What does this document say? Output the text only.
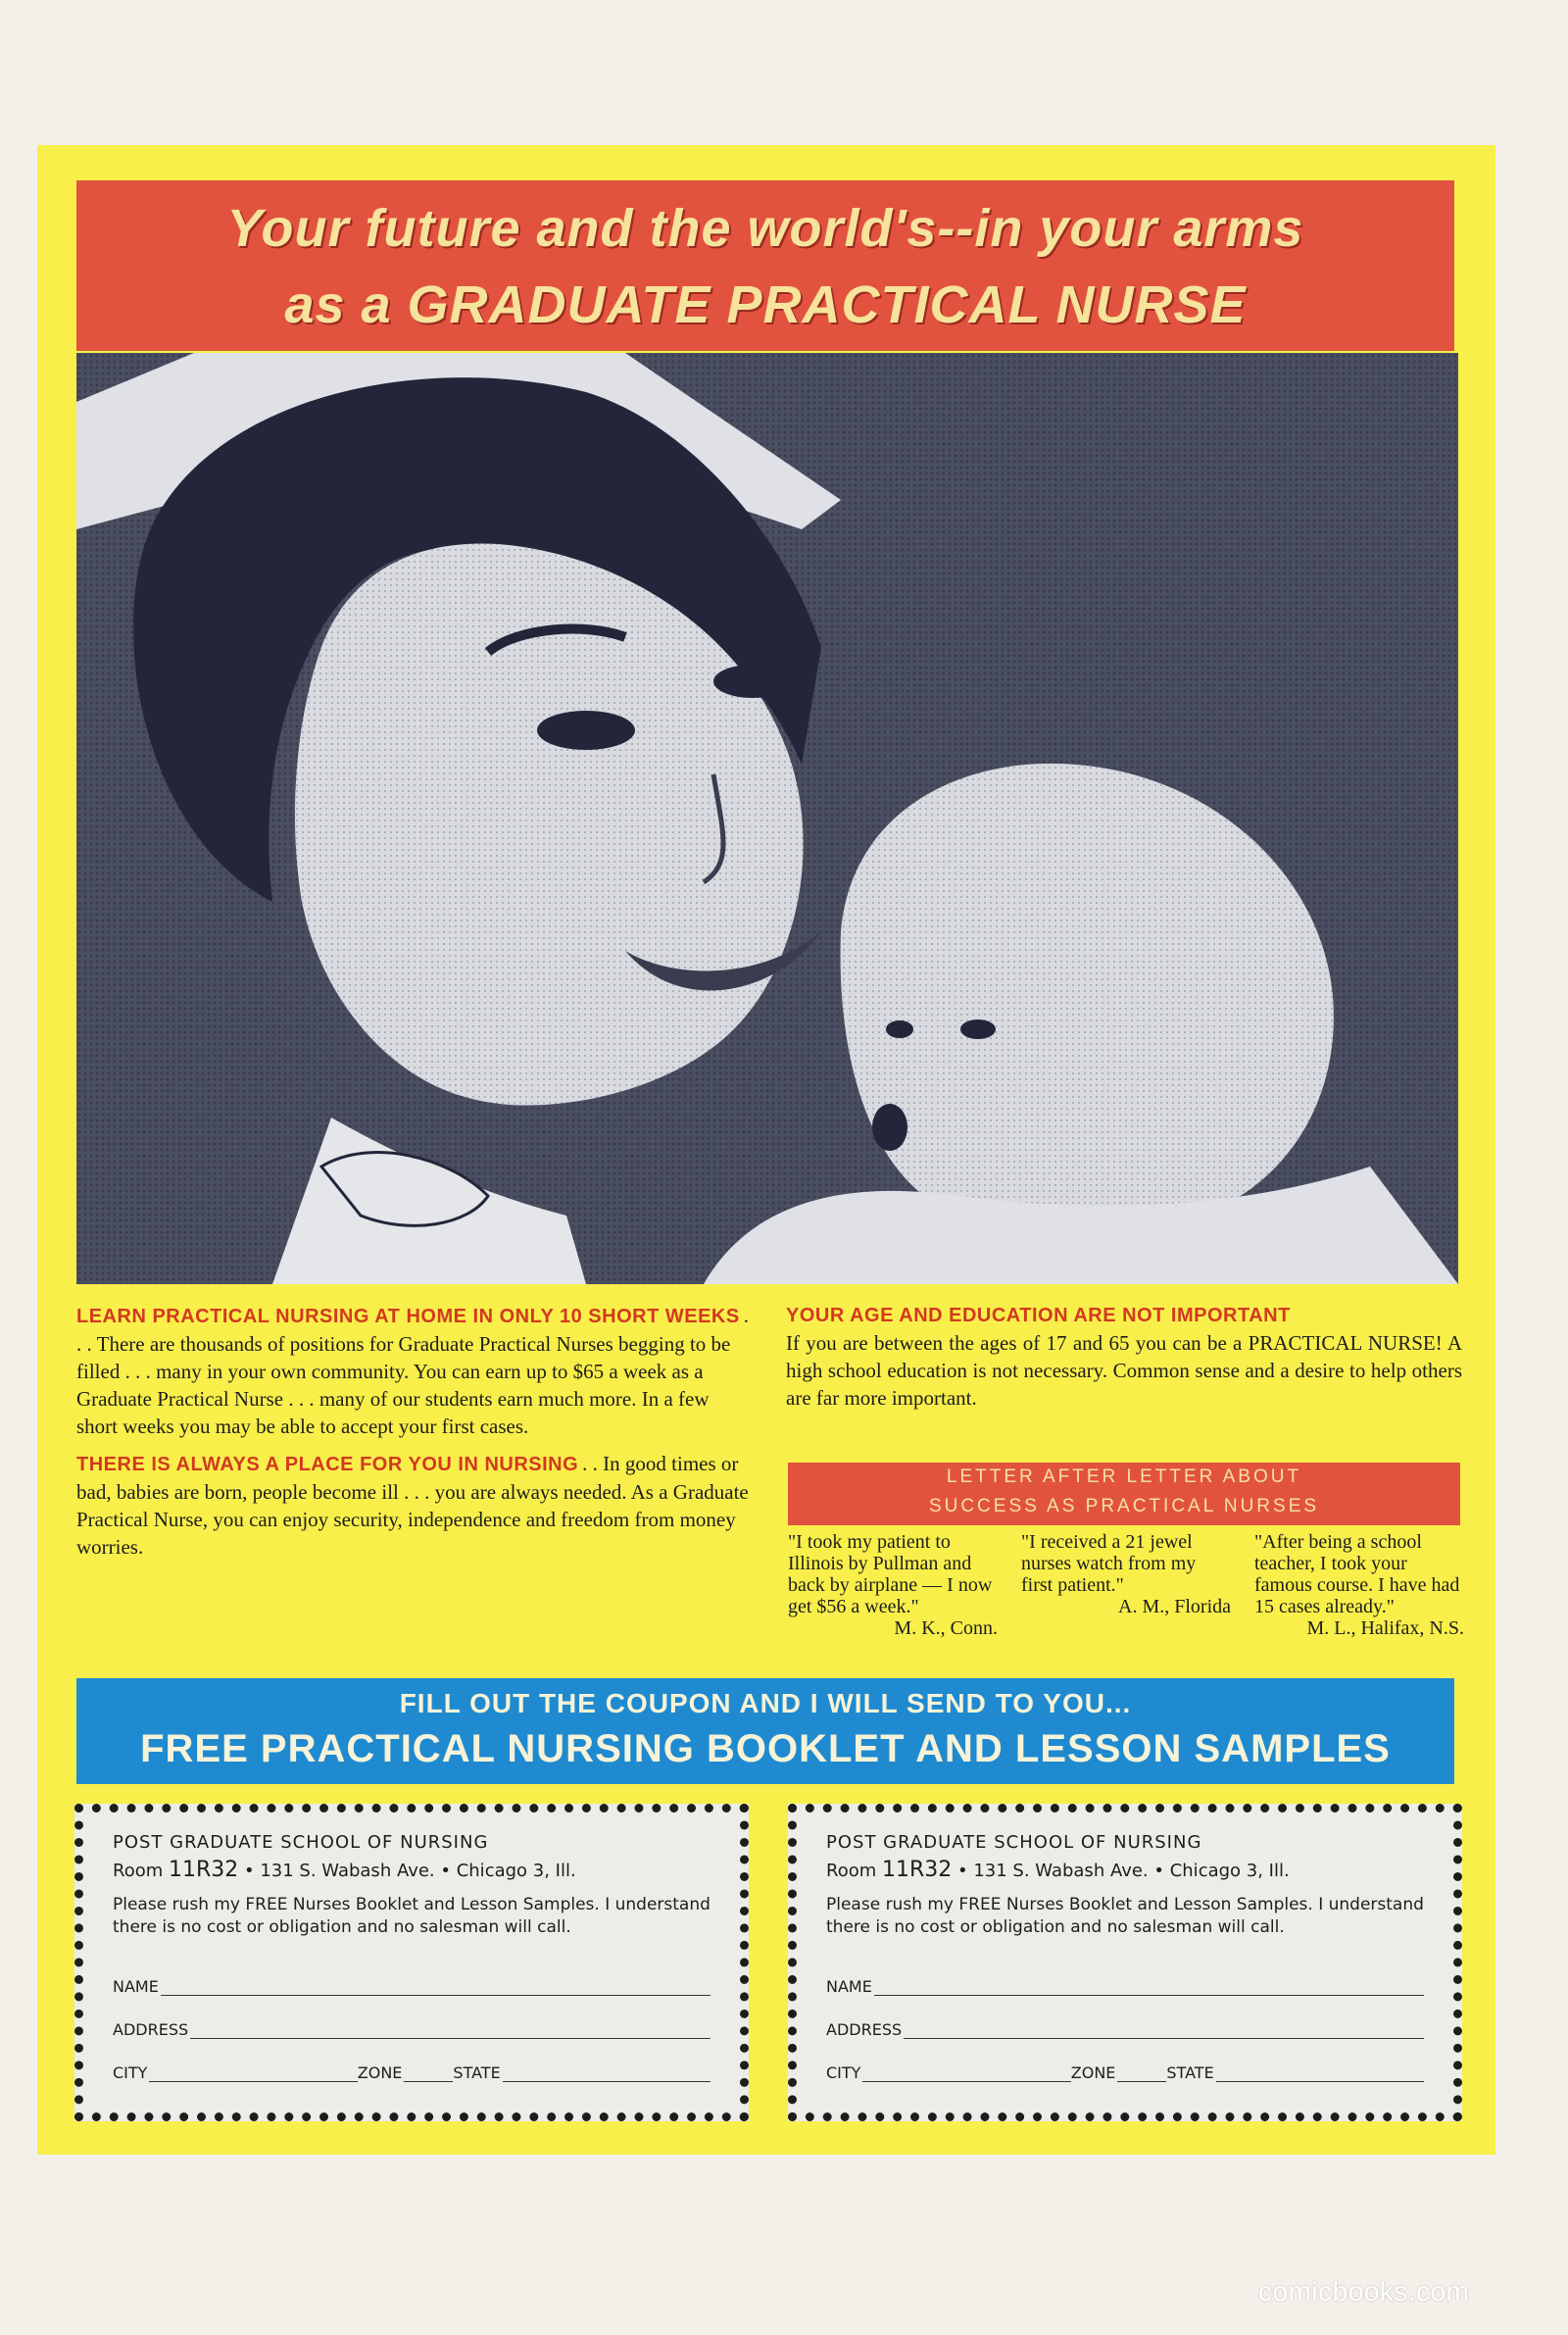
Your future and the world's--in your arms
as a GRADUATE PRACTICAL NURSE
LEARN PRACTICAL NURSING AT HOME IN ONLY 10 SHORT WEEKS . . . There are thousands of positions for Graduate Practical Nurses begging to be filled . . . many in your own community. You can earn up to $65 a week as a Graduate Practical Nurse . . . many of our students earn much more. In a few short weeks you may be able to accept your first cases.
THERE IS ALWAYS A PLACE FOR YOU IN NURSING . . In good times or bad, babies are born, people become ill . . . you are always needed. As a Graduate Practical Nurse, you can enjoy security, independence and freedom from money worries.
YOUR AGE AND EDUCATION ARE NOT IMPORTANT
If you are between the ages of 17 and 65 you can be a PRACTICAL NURSE! A high school education is not necessary. Common sense and a desire to help others are far more important.
LETTER AFTER LETTER ABOUT
SUCCESS AS PRACTICAL NURSES
"I took my patient to Illinois by Pullman and back by airplane — I now get $56 a week."
M. K., Conn.
"I received a 21 jewel nurses watch from my first patient."
A. M., Florida
"After being a school teacher, I took your famous course. I have had 15 cases already."
M. L., Halifax, N.S.
FILL OUT THE COUPON AND I WILL SEND TO YOU...
FREE PRACTICAL NURSING BOOKLET AND LESSON SAMPLES
POST GRADUATE SCHOOL OF NURSING
Room 11R32 • 131 S. Wabash Ave. • Chicago 3, Ill.
Please rush my FREE Nurses Booklet and Lesson Samples. I understand there is no cost or obligation and no salesman will call.
NAME
ADDRESS
CITY	ZONE	STATE
POST GRADUATE SCHOOL OF NURSING
Room 11R32 • 131 S. Wabash Ave. • Chicago 3, Ill.
Please rush my FREE Nurses Booklet and Lesson Samples. I understand there is no cost or obligation and no salesman will call.
NAME
ADDRESS
CITY	ZONE	STATE
comicbooks.com
